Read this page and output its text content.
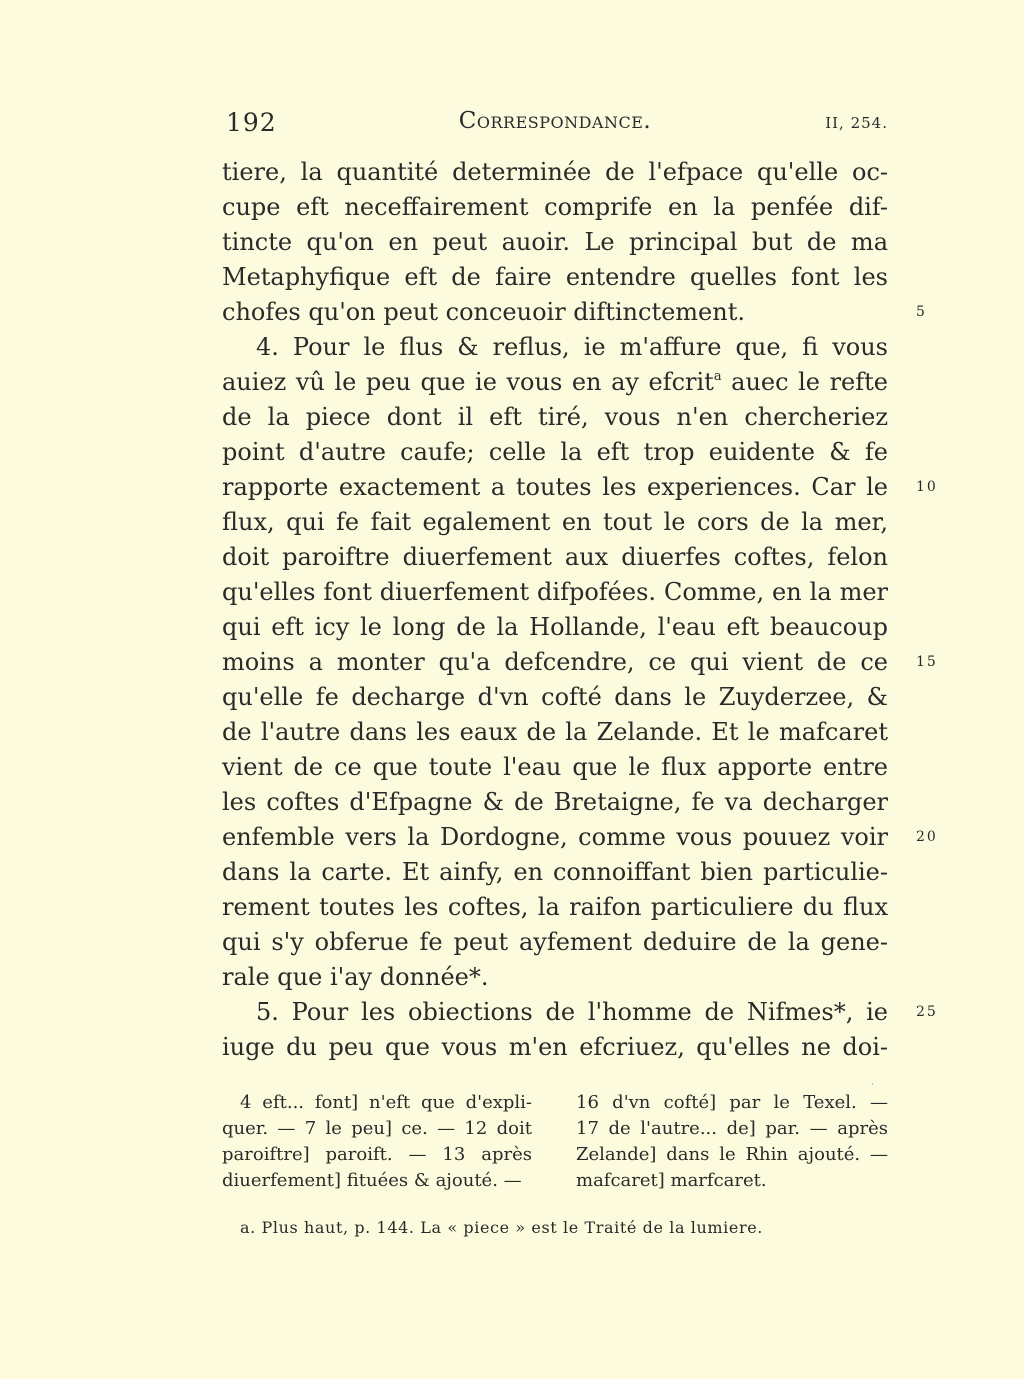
192	Correspondance.	II, 254.
tiere, la quantité determinée de l'efpace qu'elle oc-
cupe eft neceffairement comprife en la penfée dif-
tincte qu'on en peut auoir. Le principal but de ma
Metaphyfique eft de faire entendre quelles font les
chofes qu'on peut conceuoir diftinctement.	5
4. Pour le flus & reflus, ie m'affure que, fi vous
auiez vû le peu que ie vous en ay efcrit$^a$ auec le refte
de la piece dont il eft tiré, vous n'en chercheriez
point d'autre caufe; celle la eft trop euidente & fe
rapporte exactement a toutes les experiences. Car le 10
flux, qui fe fait egalement en tout le cors de la mer,
doit paroiftre diuerfement aux diuerfes coftes, felon
qu'elles font diuerfement difpofées. Comme, en la mer
qui eft icy le long de la Hollande, l'eau eft beaucoup
moins a monter qu'a defcendre, ce qui vient de ce 15
qu'elle fe decharge d'vn cofté dans le Zuyderzee, &
de l'autre dans les eaux de la Zelande. Et le mafcaret
vient de ce que toute l'eau que le flux apporte entre
les coftes d'Efpagne & de Bretaigne, fe va decharger
enfemble vers la Dordogne, comme vous pouuez voir 20
dans la carte. Et ainfy, en connoiffant bien particulie-
rement toutes les coftes, la raifon particuliere du flux
qui s'y obferue fe peut ayfement deduire de la gene-
rale que i'ay donnée*.
5. Pour les obiections de l'homme de Nifmes*, ie 25
iuge du peu que vous m'en efcriuez, qu'elles ne doi-
·
4 eft... font] n'eft que d'expli-
quer. — 7 le peu] ce. — 12 doit
paroiftre] paroift. — 13 après
diuerfement] fituées & ajouté. —
16 d'vn cofté] par le Texel. —
17 de l'autre... de] par. — après
Zelande] dans le Rhin ajouté. —
mafcaret] marfcaret.
a. Plus haut, p. 144. La « piece » est le Traité de la lumiere.
